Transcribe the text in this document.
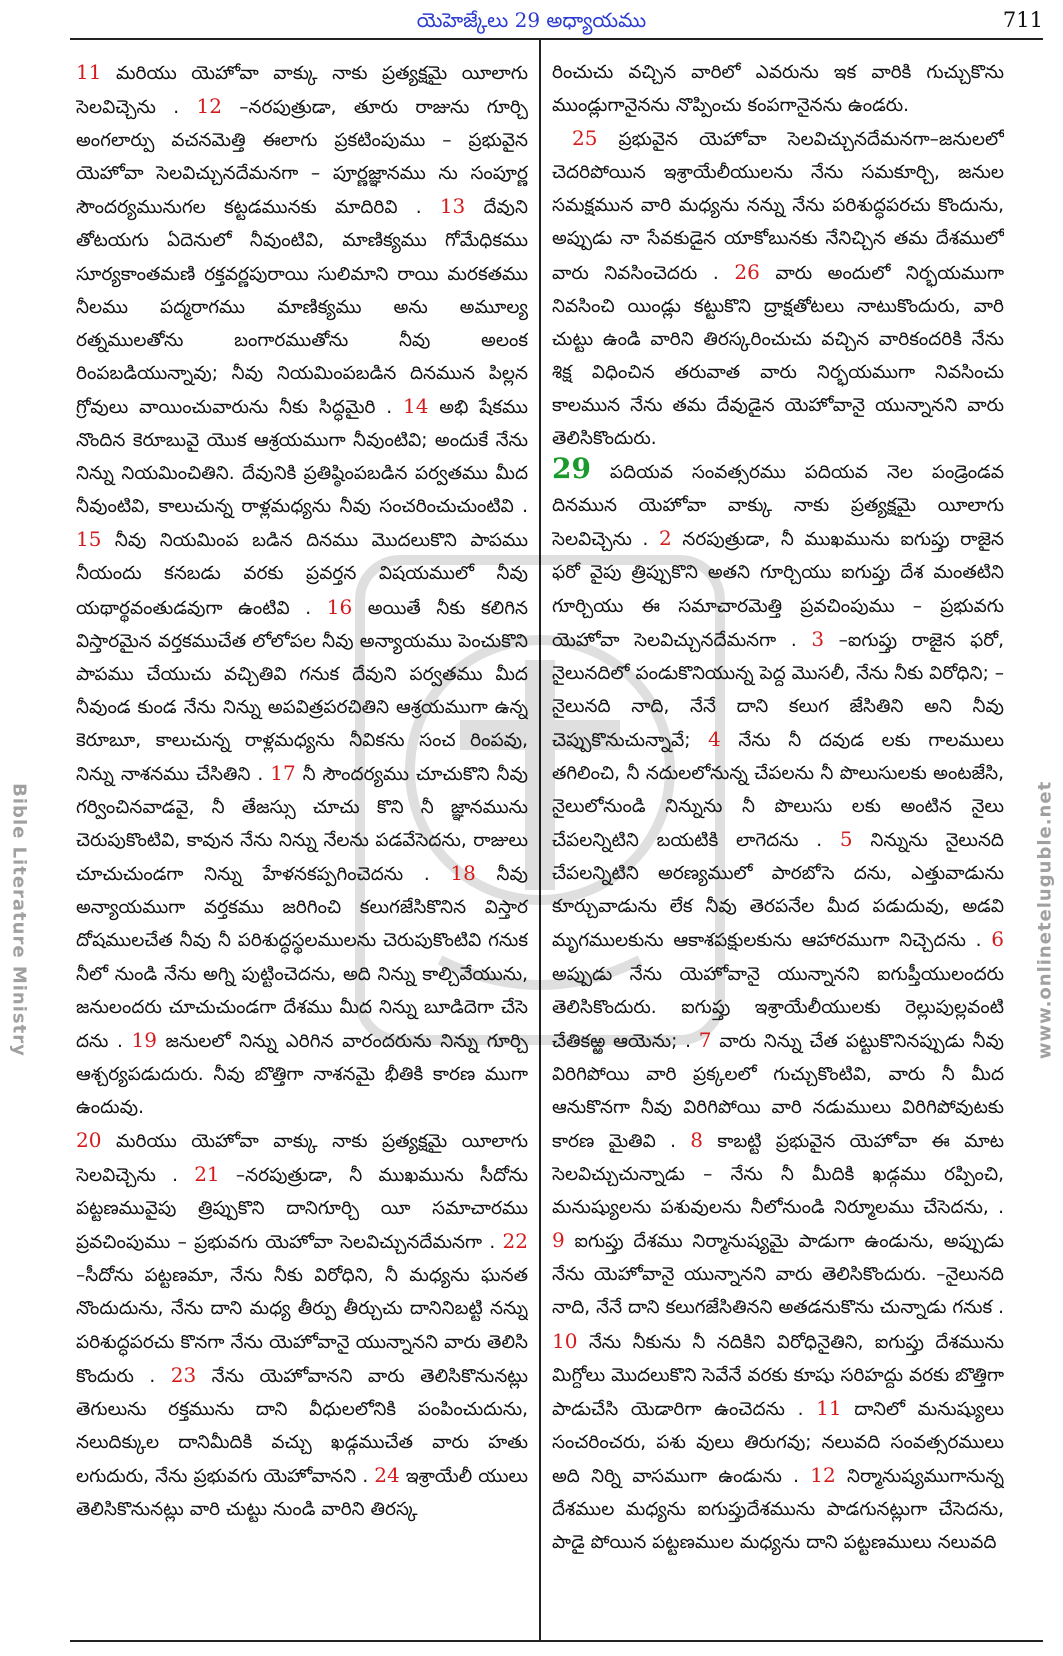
యెహెజ్కేలు 29 అధ్యాయము	711
Bible Literature Ministry	www.onlineteluguble.net

11 మరియు యెహోవా వాక్కు నాకు ప్రత్యక్షమై యీలాగు సెలవిచ్చెను . 12 –నరపుత్రుడా, తూరు రాజును గూర్చి అంగలార్పు వచనమెత్తి ఈలాగు ప్రకటింపుము – ప్రభువైన యెహోవా సెలవిచ్చునదేమనగా – పూర్ణజ్ఞానము ను సంపూర్ణ సౌందర్యమునుగల కట్టడమునకు మాదిరివి . 13 దేవుని తోటయగు ఏదెనులో నీవుంటివి, మాణిక్యము గోమేధికము సూర్యకాంతమణి రక్తవర్ణపురాయి సులిమాని రాయి మరకతము నీలము పద్మరాగము మాణిక్యము అను అమూల్య రత్నములతోను బంగారముతోను నీవు అలంక రింపబడియున్నావు; నీవు నియమింపబడిన దినమున పిల్లన గ్రోవులు వాయించువారును నీకు సిద్ధమైరి . 14 అభి షేకము నొందిన కెరూబువై యొక ఆశ్రయముగా నీవుంటివి; అందుకే నేను నిన్ను నియమించితిని. దేవునికి ప్రతిష్ఠింపబడిన పర్వతము మీద నీవుంటివి, కాలుచున్న రాళ్లమధ్యను నీవు సంచరించుచుంటివి . 15 నీవు నియమింప బడిన దినము మొదలుకొని పాపము నీయందు కనబడు వరకు ప్రవర్తన విషయములో నీవు యథార్థవంతుడవుగా ఉంటివి . 16 అయితే నీకు కలిగిన విస్తారమైన వర్తకముచేత లోలోపల నీవు అన్యాయము పెంచుకొని పాపము చేయుచు వచ్చితివి గనుక దేవుని పర్వతము మీద నీవుండ కుండ నేను నిన్ను అపవిత్రపరచితిని ఆశ్రయముగా ఉన్న కెరూబూ, కాలుచున్న రాళ్లమధ్యను నీవికను సంచ రింపవు, నిన్ను నాశనము చేసితిని . 17 నీ సౌందర్యము చూచుకొని నీవు గర్వించినవాడవై, నీ తేజస్సు చూచు కొని నీ జ్ఞానమును చెరుపుకొంటివి, కావున నేను నిన్ను నేలను పడవేసెదను, రాజులు చూచుచుండగా నిన్ను హేళనకప్పగించెదను . 18 నీవు అన్యాయముగా వర్తకము జరిగించి కలుగజేసికొనిన విస్తార దోషములచేత నీవు నీ పరిశుద్ధస్థలములను చెరుపుకొంటివి గనుక నీలో నుండి నేను అగ్ని పుట్టించెదను, అది నిన్ను కాల్చివేయును, జనులందరు చూచుచుండగా దేశము మీద నిన్ను బూడిదెగా చేసె దను . 19 జనులలో నిన్ను ఎరిగిన వారందరును నిన్ను గూర్చి ఆశ్చర్యపడుదురు. నీవు బొత్తిగా నాశనమై భీతికి కారణ ముగా ఉందువు.

20 మరియు యెహోవా వాక్కు నాకు ప్రత్యక్షమై యీలాగు సెలవిచ్చెను . 21 –నరపుత్రుడా, నీ ముఖమును సీదోను పట్టణమువైపు త్రిప్పుకొని దానిగూర్చి యీ సమాచారము ప్రవచింపుము – ప్రభువగు యెహోవా సెలవిచ్చునదేమనగా . 22 –సీదోను పట్టణమా, నేను నీకు విరోధిని, నీ మధ్యను ఘనత నొందుదును, నేను దాని మధ్య తీర్పు తీర్చుచు దానినిబట్టి నన్ను పరిశుద్ధపరచు కొనగా నేను యెహోవానై యున్నానని వారు తెలిసి కొందురు . 23 నేను యెహోవానని వారు తెలిసికొనునట్లు తెగులును రక్తమును దాని వీధులలోనికి పంపించుదును, నలుదిక్కుల దానిమీదికి వచ్చు ఖడ్గముచేత వారు హతు లగుదురు, నేను ప్రభువగు యెహోవానని . 24 ఇశ్రాయేలీ యులు తెలిసికొనునట్లు వారి చుట్టు నుండి వారిని తిరస్క

రించుచు వచ్చిన వారిలో ఎవరును ఇక వారికి గుచ్చుకొను ముండ్లుగానైనను నొప్పించు కంపగానైనను ఉండరు.

25 ప్రభువైన యెహోవా సెలవిచ్చునదేమనగా–జనులలో చెదరిపోయిన ఇశ్రాయేలీయులను నేను సమకూర్చి, జనుల సమక్షమున వారి మధ్యను నన్ను నేను పరిశుద్ధపరచు కొందును, అప్పుడు నా సేవకుడైన యాకోబునకు నేనిచ్చిన తమ దేశములో వారు నివసించెదరు . 26 వారు అందులో నిర్భయముగా నివసించి యిండ్లు కట్టుకొని ద్రాక్షతోటలు నాటుకొందురు, వారి చుట్టు ఉండి వారిని తిరస్కరించుచు వచ్చిన వారికందరికి నేను శిక్ష విధించిన తరువాత వారు నిర్భయముగా నివసించు కాలమున నేను తమ దేవుడైన యెహోవానై యున్నానని వారు తెలిసికొందురు.

29 పదియవ సంవత్సరము పదియవ నెల పండ్రెండవ దినమున యెహోవా వాక్కు నాకు ప్రత్యక్షమై యీలాగు సెలవిచ్చెను . 2 నరపుత్రుడా, నీ ముఖమును ఐగుప్తు రాజైన ఫరో వైపు త్రిప్పుకొని అతని గూర్చియు ఐగుప్తు దేశ మంతటిని గూర్చియు ఈ సమాచారమెత్తి ప్రవచింపుము – ప్రభువగు యెహోవా సెలవిచ్చునదేమనగా . 3 –ఐగుప్తు రాజైన ఫరో, నైలునదిలో పండుకొనియున్న పెద్ద మొసలీ, నేను నీకు విరోధిని; –నైలునది నాది, నేనే దాని కలుగ జేసితిని అని నీవు చెప్పుకొనుచున్నావే; 4 నేను నీ దవుడ లకు గాలములు తగిలించి, నీ నదులలోనున్న చేపలను నీ పొలుసులకు అంటజేసి, నైలులోనుండి నిన్నును నీ పొలుసు లకు అంటిన నైలు చేపలన్నిటిని బయటికి లాగెదను . 5 నిన్నును నైలునది చేపలన్నిటిని అరణ్యములో పారబోసె దను, ఎత్తువాడును కూర్చువాడును లేక నీవు తెరపనేల మీద పడుదువు, అడవి మృగములకును ఆకాశపక్షులకును ఆహారముగా నిచ్చెదను . 6 అప్పుడు నేను యెహోవానై యున్నానని ఐగుప్తీయులందరు తెలిసికొందురు. ఐగుప్తు ఇశ్రాయేలీయులకు రెల్లుపుల్లవంటి చేతికఱ్ఱ ఆయెను; . 7 వారు నిన్ను చేత పట్టుకొనినప్పుడు నీవు విరిగిపోయి వారి ప్రక్కలలో గుచ్చుకొంటివి, వారు నీ మీద ఆనుకొనగా నీవు విరిగిపోయి వారి నడుములు విరిగిపోవుటకు కారణ మైతివి . 8 కాబట్టి ప్రభువైన యెహోవా ఈ మాట సెలవిచ్చుచున్నాడు – నేను నీ మీదికి ఖడ్గము రప్పించి, మనుష్యులను పశువులను నీలోనుండి నిర్మూలము చేసెదను, . 9 ఐగుప్తు దేశము నిర్మానుష్యమై పాడుగా ఉండును, అప్పుడు నేను యెహోవానై యున్నానని వారు తెలిసికొందురు. –నైలునది నాది, నేనే దాని కలుగజేసితినని అతడనుకొను చున్నాడు గనుక . 10 నేను నీకును నీ నదికిని విరోధినైతిని, ఐగుప్తు దేశమును మిగ్దోలు మొదలుకొని సెవేనే వరకు కూషు సరిహద్దు వరకు బొత్తిగా పాడుచేసి యెడారిగా ఉంచెదను . 11 దానిలో మనుష్యులు సంచరించరు, పశు వులు తిరుగవు; నలువది సంవత్సరములు అది నిర్ని వాసముగా ఉండును . 12 నిర్మానుష్యముగానున్న దేశముల మధ్యను ఐగుప్తుదేశమును పాడగునట్లుగా చేసెదను, పాడై పోయిన పట్టణముల మధ్యను దాని పట్టణములు నలువది
